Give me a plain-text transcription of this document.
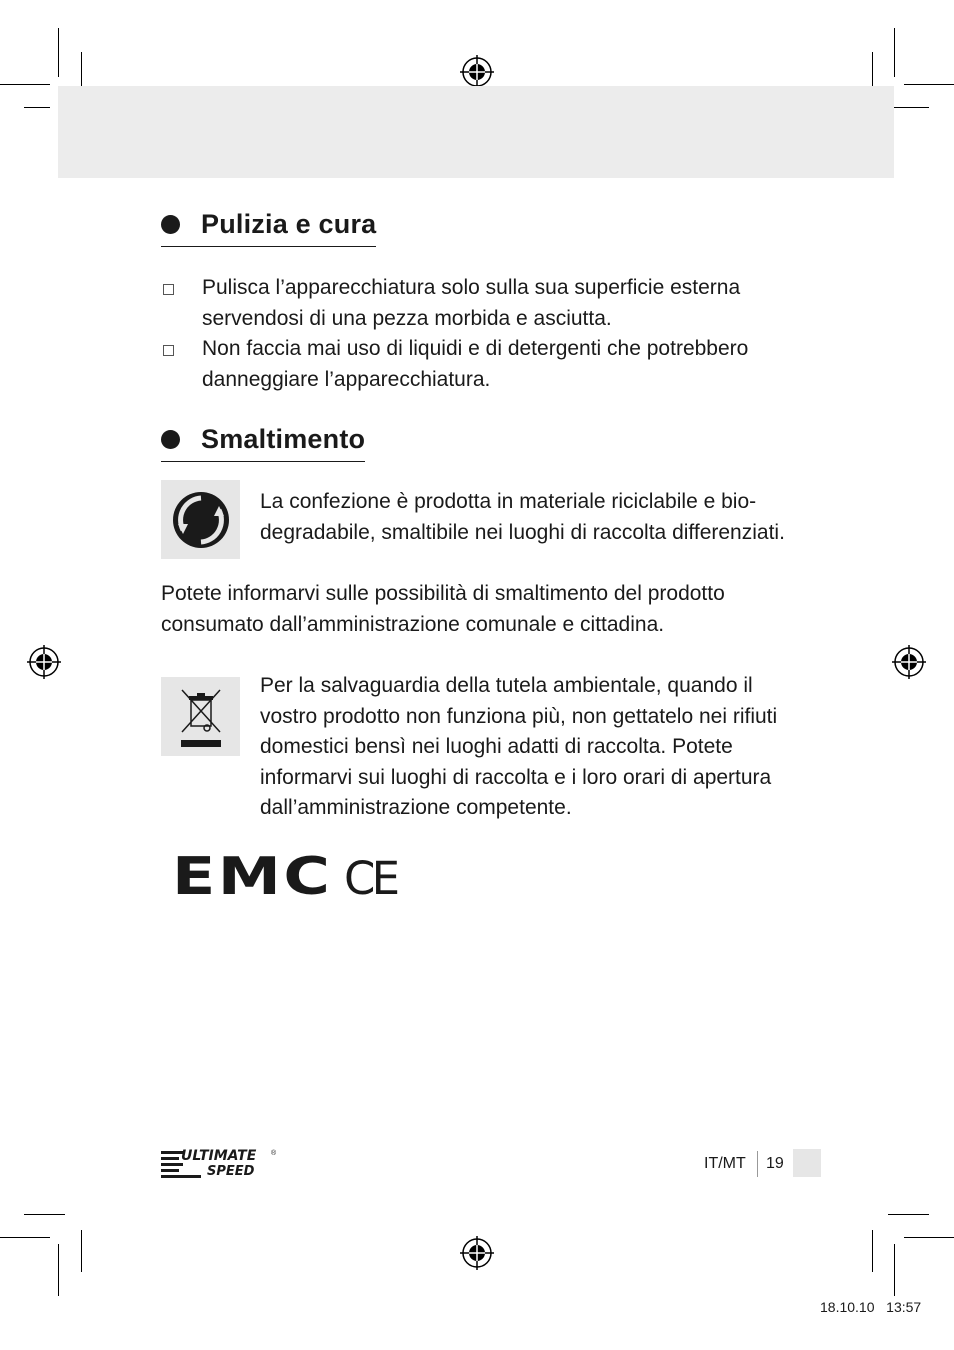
Pulizia e cura
Pulisca l’apparecchiatura solo sulla sua superficie esterna servendosi di una pezza morbida e asciutta.
Non faccia mai uso di liquidi e di detergenti che potrebbero danneggiare l’apparecchiatura.
Smaltimento
La confezione è prodotta in materiale riciclabile e bio-degradabile, smaltibile nei luoghi di raccolta differenziati.
Potete informarvi sulle possibilità di smaltimento del prodotto consumato dall’amministrazione comunale e cittadina.
Per la salvaguardia della tutela ambientale, quando il vostro prodotto non funziona più, non gettatelo nei rifiuti domestici bensì nei luoghi adatti di raccolta. Potete informarvi sui luoghi di raccolta e i loro orari di apertura dall’amministrazione competente.
EMC CE
ULTIMATE
SPEED
®
IT/MT 19
18.10.10   13:57
